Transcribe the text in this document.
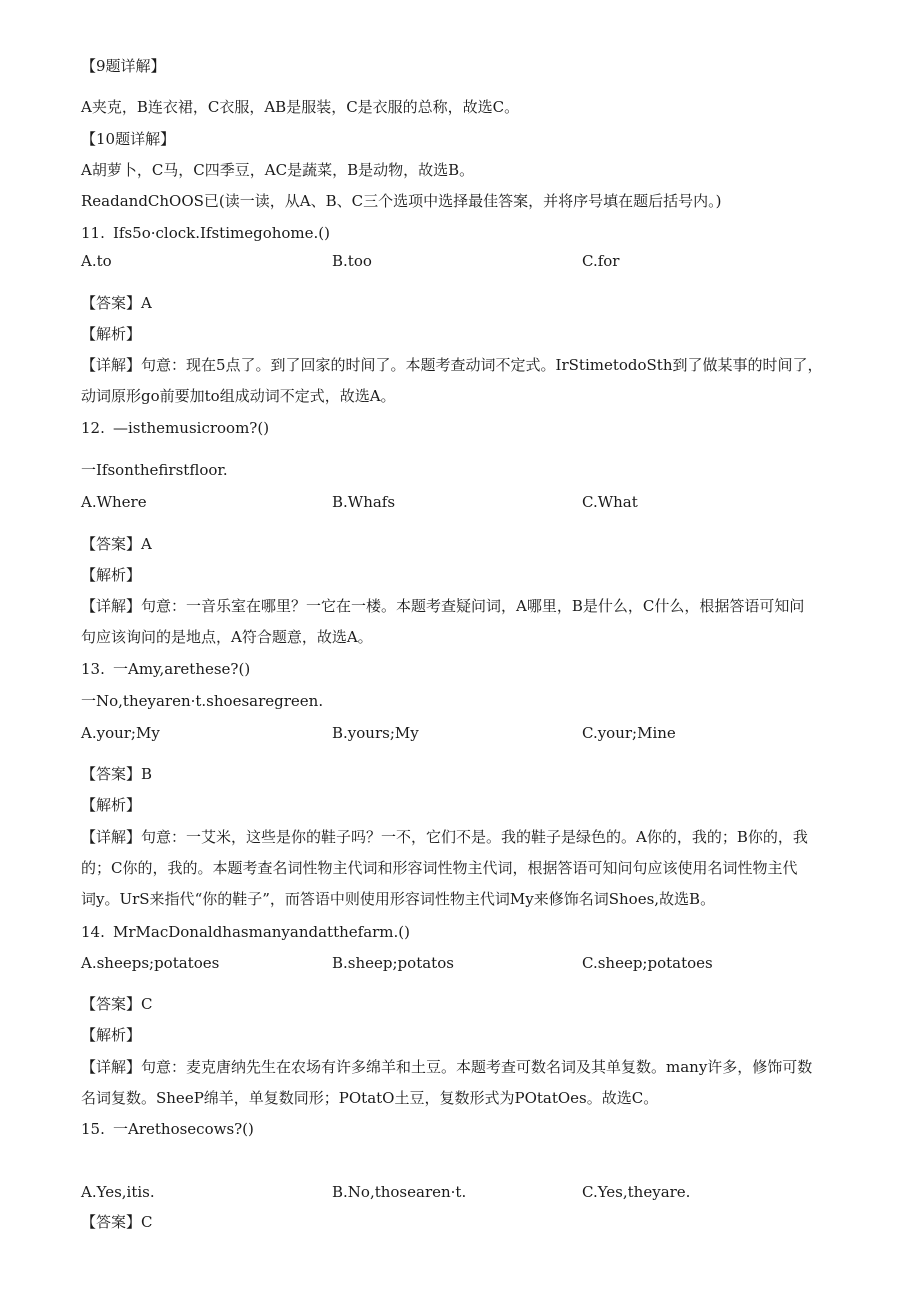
【9题详解】
A夹克，B连衣裙，C衣服，AB是服装，C是衣服的总称，故选C。
【10题详解】
A胡萝卜，C马，C四季豆，AC是蔬菜，B是动物，故选B。
ReadandChOOS已(读一读，从A、B、C三个选项中选择最佳答案，并将序号填在题后括号内。)
11. Ifs5o·clock.Ifstimegohome.()
A.to	B.too	C.for
【答案】A
【解析】
【详解】句意：现在5点了。到了回家的时间了。本题考查动词不定式。IrStimetodoSth到了做某事的时间了，
动词原形go前要加to组成动词不定式，故选A。
12. —isthemusicroom?()
一Ifsonthefirstfloor.
A.Where	B.Whafs	C.What
【答案】A
【解析】
【详解】句意：一音乐室在哪里？一它在一楼。本题考查疑问词，A哪里，B是什么，C什么，根据答语可知问
句应该询问的是地点，A符合题意，故选A。
13. 一Amy,arethese?()
一No,theyaren·t.shoesaregreen.
A.your;My	B.yours;My	C.your;Mine
【答案】B
【解析】
【详解】句意：一艾米，这些是你的鞋子吗？一不，它们不是。我的鞋子是绿色的。A你的，我的；B你的，我
的；C你的，我的。本题考查名词性物主代词和形容词性物主代词，根据答语可知问句应该使用名词性物主代
词y。UrS来指代“你的鞋子”，而答语中则使用形容词性物主代词My来修饰名词Shoes,故选B。
14. MrMacDonaldhasmanyandatthefarm.()
A.sheeps;potatoes	B.sheep;potatos	C.sheep;potatoes
【答案】C
【解析】
【详解】句意：麦克唐纳先生在农场有许多绵羊和土豆。本题考查可数名词及其单复数。many许多，修饰可数
名词复数。SheeP绵羊，单复数同形；POtatO土豆，复数形式为POtatOes。故选C。
15. 一Arethosecows?()
A.Yes,itis.	B.No,thosearen·t.	C.Yes,theyare.
【答案】C
